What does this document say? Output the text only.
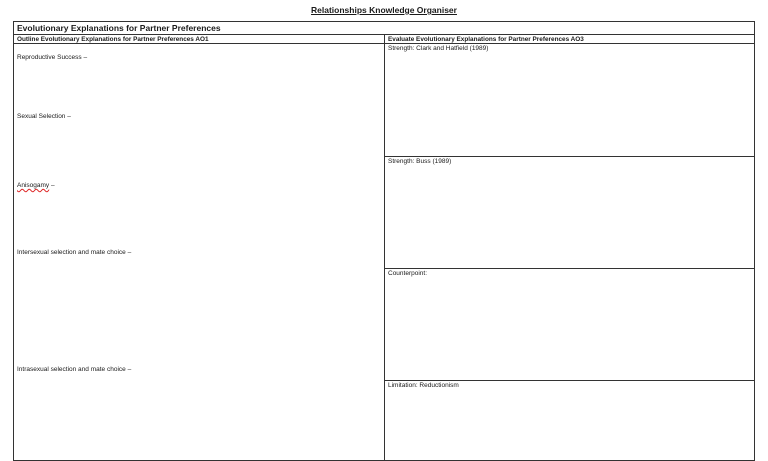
Relationships Knowledge Organiser
Evolutionary Explanations for Partner Preferences
Outline Evolutionary Explanations for Partner Preferences AO1	Evaluate Evolutionary Explanations for Partner Preferences AO3
Reproductive Success –
Sexual Selection –
Anisogamy –
Intersexual selection and mate choice –
Intrasexual selection and mate choice –
Strength: Clark and Hatfield (1989)
Strength: Buss (1989)
Counterpoint:
Limitation: Reductionism
